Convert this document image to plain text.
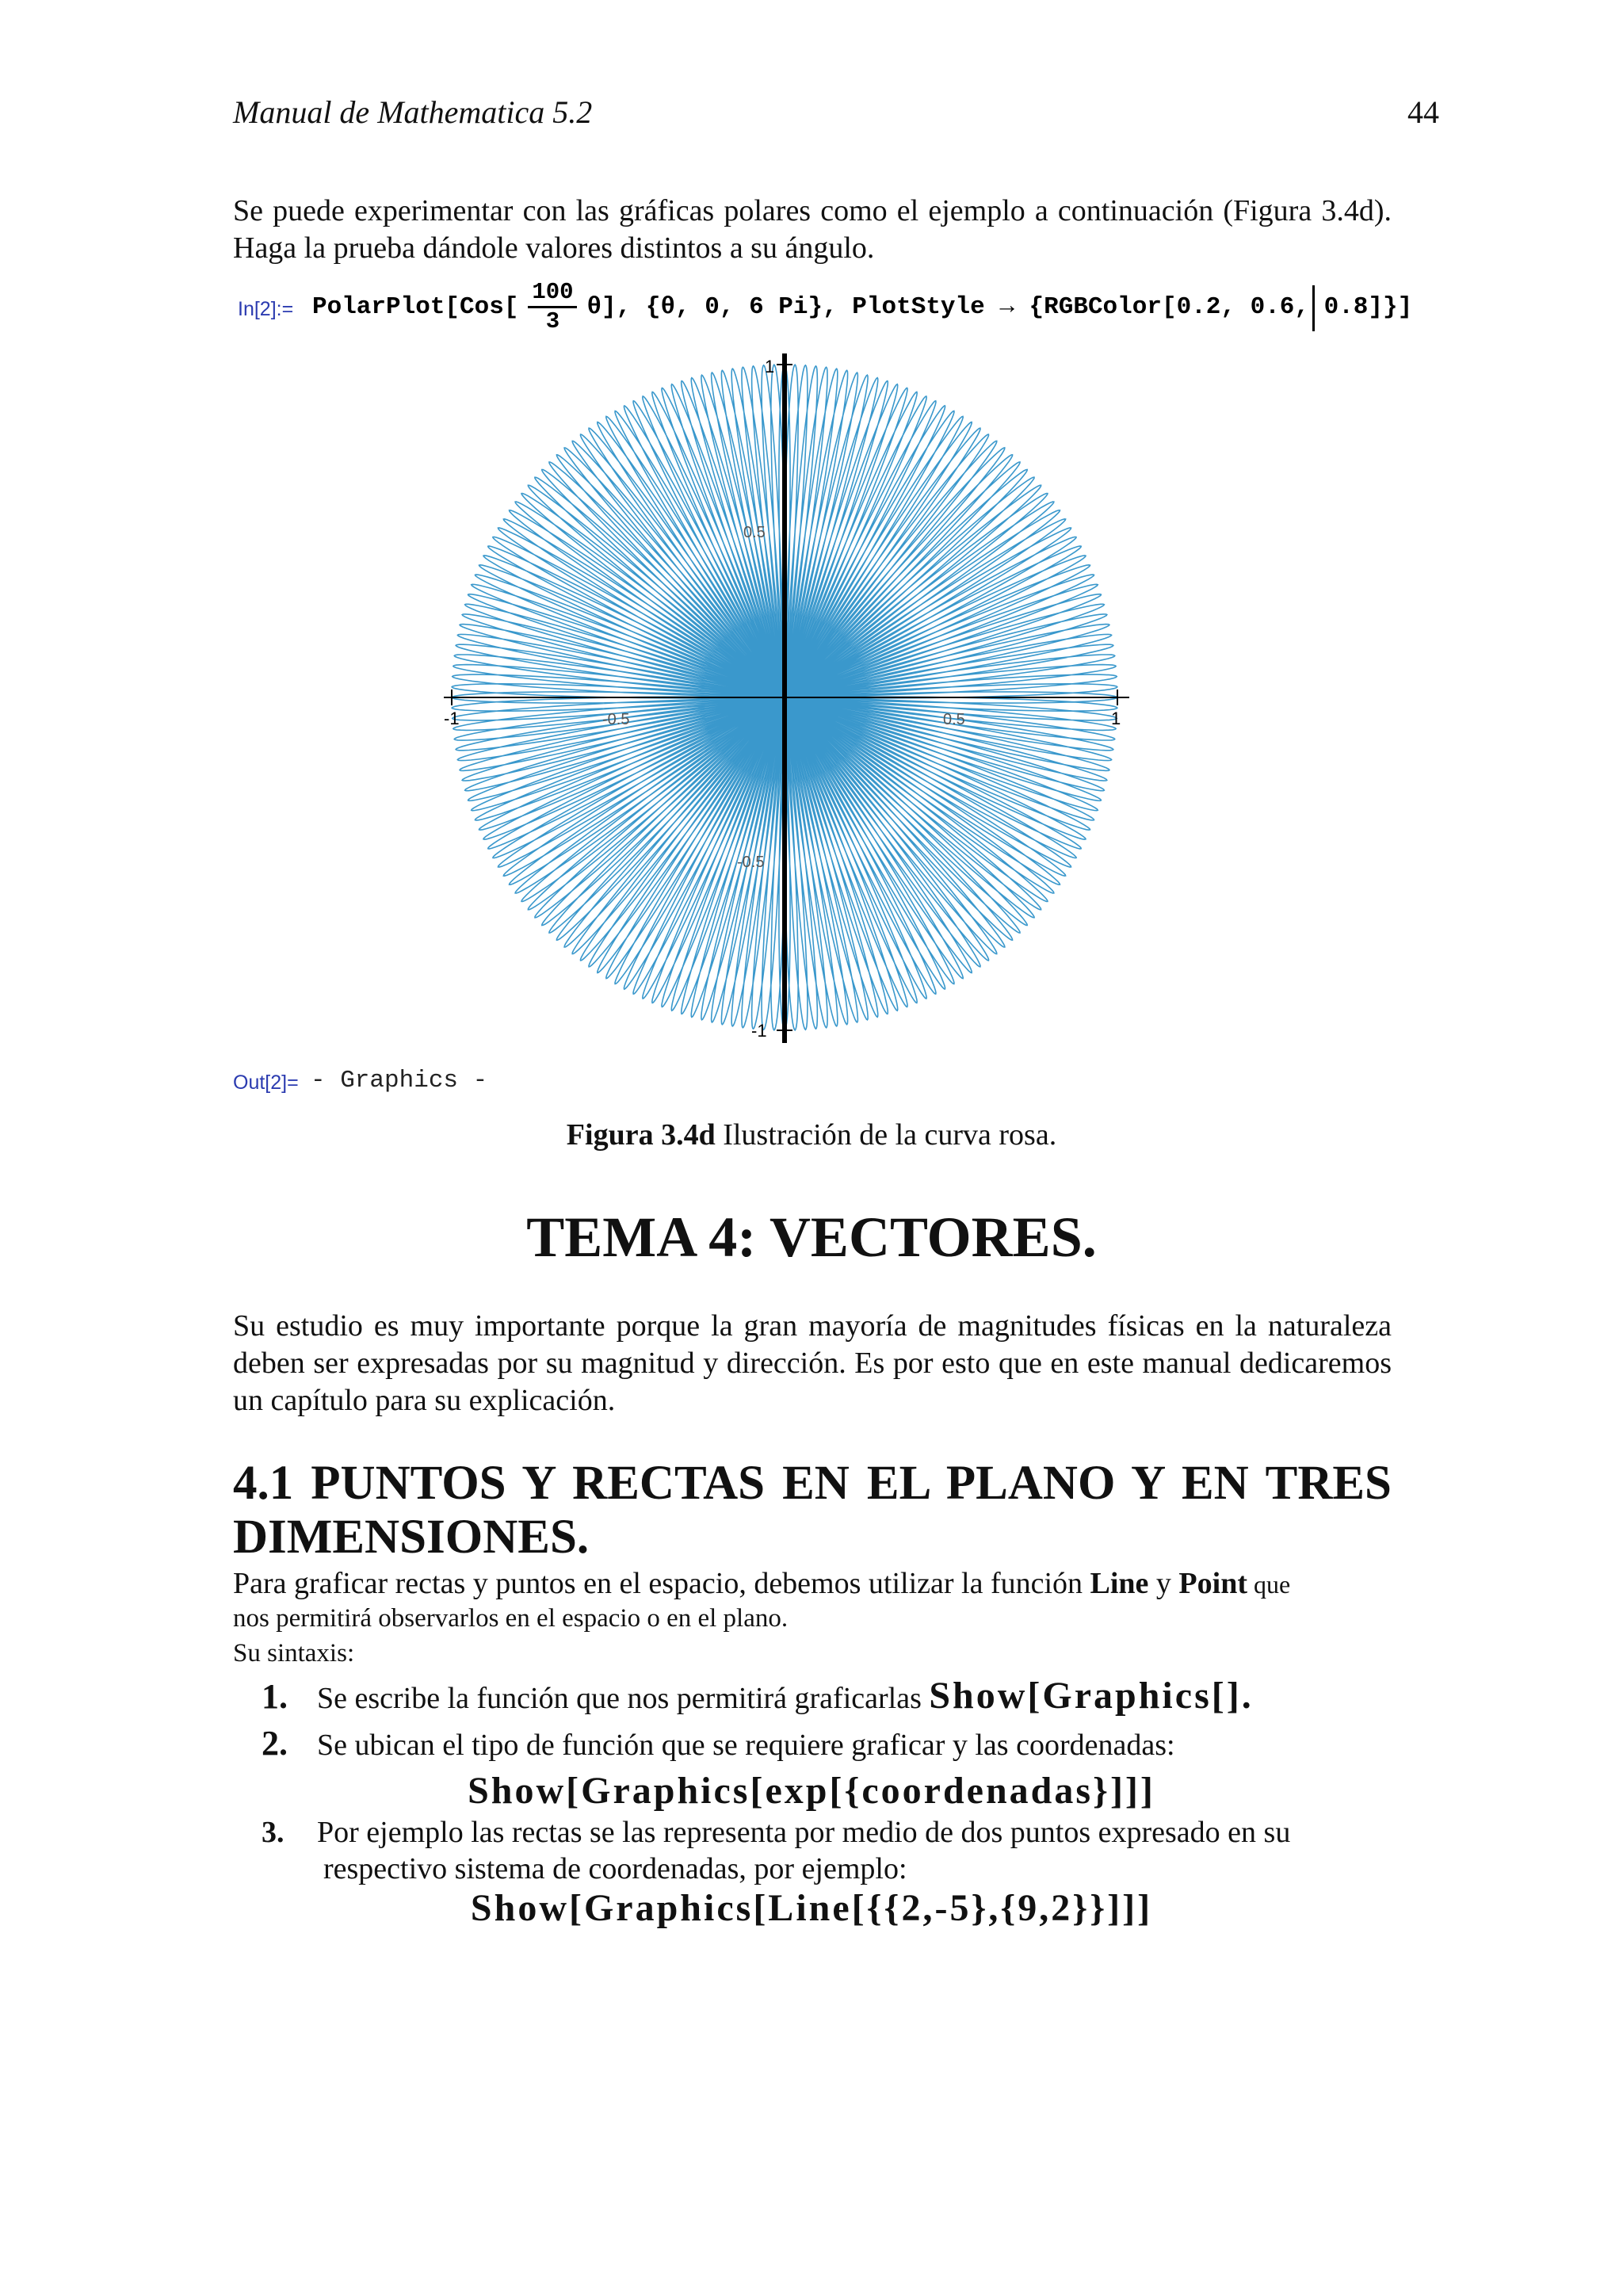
Manual de Mathematica 5.2	44
Se puede experimentar con las gráficas polares como el ejemplo a continuación (Figura 3.4d). Haga la prueba dándole valores distintos a su ángulo.
In[2]:= PolarPlot[Cos[ $\frac{100}{3} \theta$], {θ, 0, 6 Pi}, PlotStyle → {RGBColor[0.2, 0.6, 0.8]}]
1
-1
-1	1
0.5
-0.5
-0.5	0.5
Out[2]= - Graphics -
Figura 3.4d Ilustración de la curva rosa.
TEMA 4: VECTORES.
Su estudio es muy importante porque la gran mayoría de magnitudes físicas en la naturaleza deben ser expresadas por su magnitud y dirección. Es por esto que en este manual dedicaremos un capítulo para su explicación.
4.1 PUNTOS Y RECTAS EN EL PLANO Y EN TRES DIMENSIONES.
Para graficar rectas y puntos en el espacio, debemos utilizar la función Line y Point que
nos permitirá observarlos en el espacio o en el plano.
Su sintaxis:
1. Se escribe la función que nos permitirá graficarlas Show[Graphics[].
2. Se ubican el tipo de función que se requiere graficar y las coordenadas:
Show[Graphics[exp[{coordenadas}]]]
3. Por ejemplo las rectas se las representa por medio de dos puntos expresado en su
respectivo sistema de coordenadas, por ejemplo:
Show[Graphics[Line[{{2,-5},{9,2}}]]]
